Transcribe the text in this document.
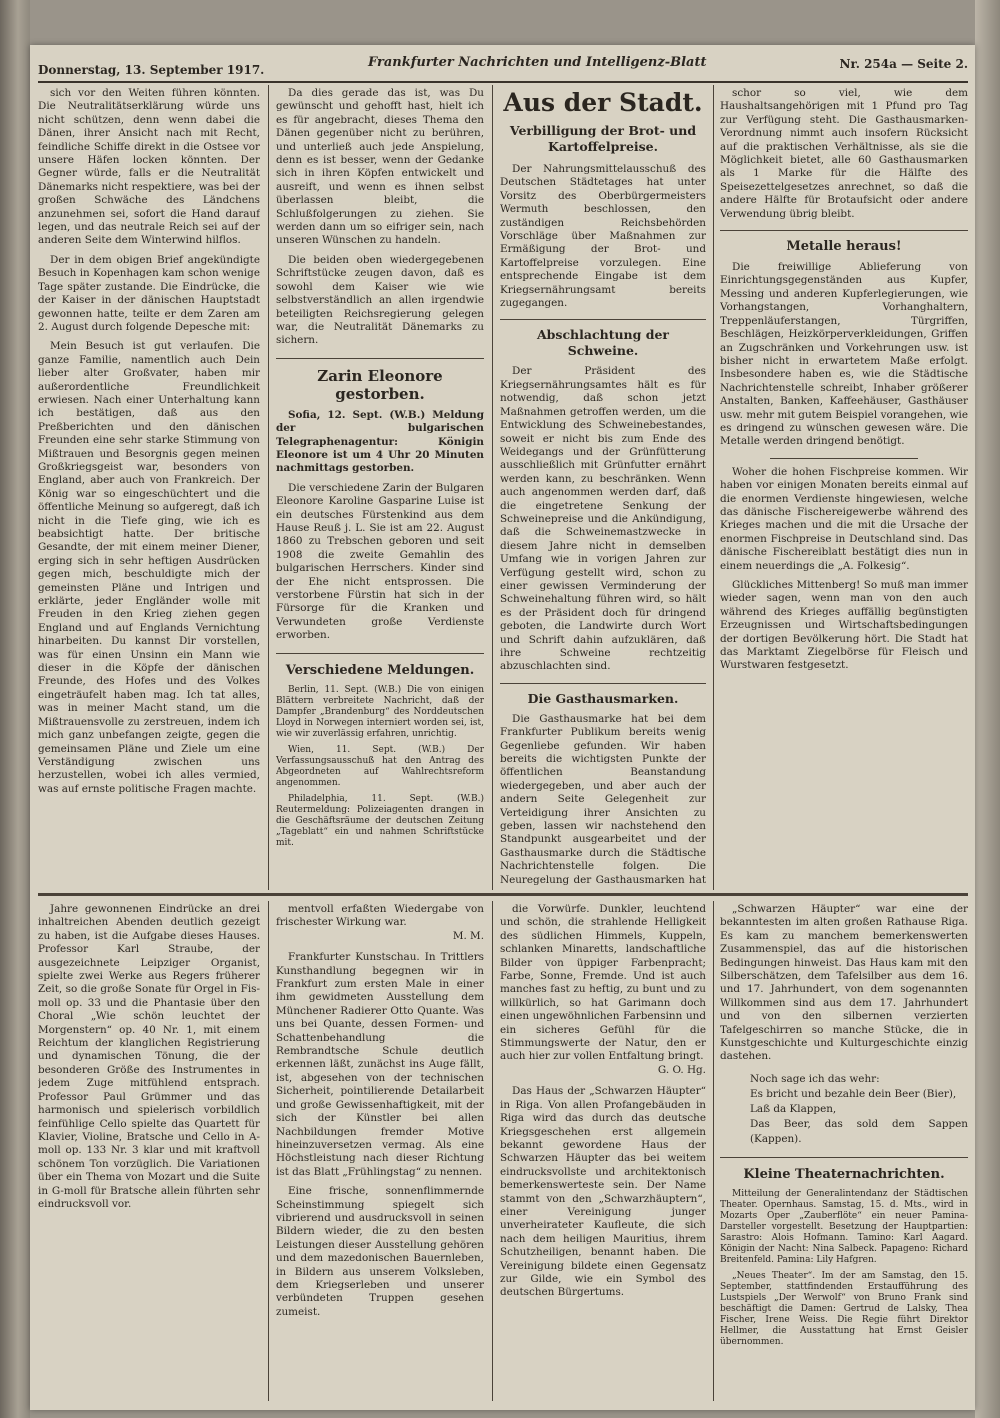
Donnerstag, 13. September 1917.	Frankfurter Nachrichten und Intelligenz-Blatt	Nr. 254a — Seite 2.

sich vor den Weiten führen könnten. Die Neutralitätserklärung würde uns nicht schützen, denn wenn dabei die Dänen, ihrer Ansicht nach mit Recht, feindliche Schiffe direkt in die Ostsee vor unsere Häfen locken könnten. Der Gegner würde, falls er die Neutralität Dänemarks nicht respektiere, was bei der großen Schwäche des Ländchens anzunehmen sei, sofort die Hand darauf legen, und das neutrale Reich sei auf der anderen Seite dem Winterwind hilflos.

Der in dem obigen Brief angekündigte Besuch in Kopenhagen kam schon wenige Tage später zustande. Die Eindrücke, die der Kaiser in der dänischen Hauptstadt gewonnen hatte, teilte er dem Zaren am 2. August durch folgende Depesche mit:

Mein Besuch ist gut verlaufen. Die ganze Familie, namentlich auch Dein lieber alter Großvater, haben mir außerordentliche Freundlichkeit erwiesen. Nach einer Unterhaltung kann ich bestätigen, daß aus den Preßberichten und den dänischen Freunden eine sehr starke Stimmung von Mißtrauen und Besorgnis gegen meinen Großkriegsgeist war, besonders von England, aber auch von Frankreich. Der König war so eingeschüchtert und die öffentliche Meinung so aufgeregt, daß ich nicht in die Tiefe ging, wie ich es beabsichtigt hatte. Der britische Gesandte, der mit einem meiner Diener, erging sich in sehr heftigen Ausdrücken gegen mich, beschuldigte mich der gemeinsten Pläne und Intrigen und erklärte, jeder Engländer wolle mit Freuden in den Krieg ziehen gegen England und auf Englands Vernichtung hinarbeiten. Du kannst Dir vorstellen, was für einen Unsinn ein Mann wie dieser in die Köpfe der dänischen Freunde, des Hofes und des Volkes eingeträufelt haben mag. Ich tat alles, was in meiner Macht stand, um die Mißtrauensvolle zu zerstreuen, indem ich mich ganz unbefangen zeigte, gegen die gemeinsamen Pläne und Ziele um eine Verständigung zwischen uns herzustellen, wobei ich alles vermied, was auf ernste politische Fragen machte.

Da dies gerade das ist, was Du gewünscht und gehofft hast, hielt ich es für angebracht, dieses Thema den Dänen gegenüber nicht zu berühren, und unterließ auch jede Anspielung, denn es ist besser, wenn der Gedanke sich in ihren Köpfen entwickelt und ausreift, und wenn es ihnen selbst überlassen bleibt, die Schlußfolgerungen zu ziehen. Sie werden dann um so eifriger sein, nach unseren Wünschen zu handeln.

Die beiden oben wiedergegebenen Schriftstücke zeugen davon, daß es sowohl dem Kaiser wie wie selbstverständlich an allen irgendwie beteiligten Reichsregierung gelegen war, die Neutralität Dänemarks zu sichern.

Zarin Eleonore gestorben.

Sofia, 12. Sept. (W.B.) Meldung der bulgarischen Telegraphenagentur: Königin Eleonore ist um 4 Uhr 20 Minuten nachmittags gestorben.

Die verschiedene Zarin der Bulgaren Eleonore Karoline Gasparine Luise ist ein deutsches Fürstenkind aus dem Hause Reuß j. L. Sie ist am 22. August 1860 zu Trebschen geboren und seit 1908 die zweite Gemahlin des bulgarischen Herrschers. Kinder sind der Ehe nicht entsprossen. Die verstorbene Fürstin hat sich in der Fürsorge für die Kranken und Verwundeten große Verdienste erworben.

Verschiedene Meldungen.

Berlin, 11. Sept. (W.B.) Die von einigen Blättern verbreitete Nachricht, daß der Dampfer „Brandenburg“ des Norddeutschen Lloyd in Norwegen interniert worden sei, ist, wie wir zuverlässig erfahren, unrichtig.

Wien, 11. Sept. (W.B.) Der Verfassungsausschuß hat den Antrag des Abgeordneten auf Wahlrechtsreform angenommen.

Philadelphia, 11. Sept. (W.B.) Reutermeldung: Polizeiagenten drangen in die Geschäftsräume der deutschen Zeitung „Tageblatt“ ein und nahmen Schriftstücke mit.

Aus der Stadt.
Verbilligung der Brot- und Kartoffelpreise.

Der Nahrungsmittelausschuß des Deutschen Städtetages hat unter Vorsitz des Oberbürgermeisters Wermuth beschlossen, den zuständigen Reichsbehörden Vorschläge über Maßnahmen zur Ermäßigung der Brot- und Kartoffelpreise vorzulegen. Eine entsprechende Eingabe ist dem Kriegsernährungsamt bereits zugegangen.

Abschlachtung der Schweine.

Der Präsident des Kriegsernährungsamtes hält es für notwendig, daß schon jetzt Maßnahmen getroffen werden, um die Entwicklung des Schweinebestandes, soweit er nicht bis zum Ende des Weidegangs und der Grünfütterung ausschließlich mit Grünfutter ernährt werden kann, zu beschränken. Wenn auch angenommen werden darf, daß die eingetretene Senkung der Schweinepreise und die Ankündigung, daß die Schweinemastzwecke in diesem Jahre nicht in demselben Umfang wie in vorigen Jahren zur Verfügung gestellt wird, schon zu einer gewissen Verminderung der Schweinehaltung führen wird, so hält es der Präsident doch für dringend geboten, die Landwirte durch Wort und Schrift dahin aufzuklären, daß ihre Schweine rechtzeitig abzuschlachten sind.

Die Gasthausmarken.

Die Gasthausmarke hat bei dem Frankfurter Publikum bereits wenig Gegenliebe gefunden. Wir haben bereits die wichtigsten Punkte der öffentlichen Beanstandung wiedergegeben, und aber auch der andern Seite Gelegenheit zur Verteidigung ihrer Ansichten zu geben, lassen wir nachstehend den Standpunkt ausgearbeitet und der Gasthausmarke durch die Städtische Nachrichtenstelle folgen. Die Neuregelung der Gasthausmarken hat

schor so viel, wie dem Haushaltsangehörigen mit 1 Pfund pro Tag zur Verfügung steht. Die Gasthausmarken-Verordnung nimmt auch insofern Rücksicht auf die praktischen Verhältnisse, als sie die Möglichkeit bietet, alle 60 Gasthausmarken als 1 Marke für die Hälfte des Speisezettelgesetzes anrechnet, so daß die andere Hälfte für Brotaufsicht oder andere Verwendung übrig bleibt.

Metalle heraus!

Die freiwillige Ablieferung von Einrichtungsgegenständen aus Kupfer, Messing und anderen Kupferlegierungen, wie Vorhangstangen, Vorhanghaltern, Treppenläuferstangen, Türgriffen, Beschlägen, Heizkörperverkleidungen, Griffen an Zugschränken und Vorkehrungen usw. ist bisher nicht in erwartetem Maße erfolgt. Insbesondere haben es, wie die Städtische Nachrichtenstelle schreibt, Inhaber größerer Anstalten, Banken, Kaffeehäuser, Gasthäuser usw. mehr mit gutem Beispiel vorangehen, wie es dringend zu wünschen gewesen wäre. Die Metalle werden dringend benötigt.

Woher die hohen Fischpreise kommen. Wir haben vor einigen Monaten bereits einmal auf die enormen Verdienste hingewiesen, welche das dänische Fischereigewerbe während des Krieges machen und die mit die Ursache der enormen Fischpreise in Deutschland sind. Das dänische Fischereiblatt bestätigt dies nun in einem neuerdings die „A. Folkesig“.

Glückliches Mittenberg! So muß man immer wieder sagen, wenn man von den auch während des Krieges auffällig begünstigten Erzeugnissen und Wirtschaftsbedingungen der dortigen Bevölkerung hört. Die Stadt hat das Marktamt Ziegelbörse für Fleisch und Wurstwaren festgesetzt.

Jahre gewonnenen Eindrücke an drei inhaltreichen Abenden deutlich gezeigt zu haben, ist die Aufgabe dieses Hauses. Professor Karl Straube, der ausgezeichnete Leipziger Organist, spielte zwei Werke aus Regers früherer Zeit, so die große Sonate für Orgel in Fis-moll op. 33 und die Phantasie über den Choral „Wie schön leuchtet der Morgenstern“ op. 40 Nr. 1, mit einem Reichtum der klanglichen Registrierung und dynamischen Tönung, die der besonderen Größe des Instrumentes in jedem Zuge mitfühlend entsprach. Professor Paul Grümmer und das harmonisch und spielerisch vorbildlich feinfühlige Cello spielte das Quartett für Klavier, Violine, Bratsche und Cello in A-moll op. 133 Nr. 3 klar und mit kraftvoll schönem Ton vorzüglich. Die Variationen über ein Thema von Mozart und die Suite in G-moll für Bratsche allein führten sehr eindrucksvoll vor.

mentvoll erfaßten Wiedergabe von frischester Wirkung war.

M. M.

Frankfurter Kunstschau. In Trittlers Kunsthandlung begegnen wir in Frankfurt zum ersten Male in einer ihm gewidmeten Ausstellung dem Münchener Radierer Otto Quante. Was uns bei Quante, dessen Formen- und Schattenbehandlung die Rembrandtsche Schule deutlich erkennen läßt, zunächst ins Auge fällt, ist, abgesehen von der technischen Sicherheit, pointilierende Detailarbeit und große Gewissenhaftigkeit, mit der sich der Künstler bei allen Nachbildungen fremder Motive hineinzuversetzen vermag. Als eine Höchstleistung nach dieser Richtung ist das Blatt „Frühlingstag“ zu nennen.

Eine frische, sonnenflimmernde Scheinstimmung spiegelt sich vibrierend und ausdrucksvoll in seinen Bildern wieder, die zu den besten Leistungen dieser Ausstellung gehören und dem mazedonischen Bauernleben, in Bildern aus unserem Volksleben, dem Kriegserleben und unserer verbündeten Truppen gesehen zumeist.

die Vorwürfe. Dunkler, leuchtend und schön, die strahlende Helligkeit des südlichen Himmels, Kuppeln, schlanken Minaretts, landschaftliche Bilder von üppiger Farbenpracht; Farbe, Sonne, Fremde. Und ist auch manches fast zu heftig, zu bunt und zu willkürlich, so hat Garimann doch einen ungewöhnlichen Farbensinn und ein sicheres Gefühl für die Stimmungswerte der Natur, den er auch hier zur vollen Entfaltung bringt.

G. O. Hg.

Das Haus der „Schwarzen Häupter“ in Riga. Von allen Profangebäuden in Riga wird das durch das deutsche Kriegsgeschehen erst allgemein bekannt gewordene Haus der Schwarzen Häupter das bei weitem eindrucksvollste und architektonisch bemerkenswerteste sein. Der Name stammt von den „Schwarzhäuptern“, einer Vereinigung junger unverheirateter Kaufleute, die sich nach dem heiligen Mauritius, ihrem Schutzheiligen, benannt haben. Die Vereinigung bildete einen Gegensatz zur Gilde, wie ein Symbol des deutschen Bürgertums.

„Schwarzen Häupter“ war eine der bekanntesten im alten großen Rathause Riga. Es kam zu manchem bemerkenswerten Zusammenspiel, das auf die historischen Bedingungen hinweist. Das Haus kam mit den Silberschätzen, dem Tafelsilber aus dem 16. und 17. Jahrhundert, von dem sogenannten Willkommen sind aus dem 17. Jahrhundert und von den silbernen verzierten Tafelgeschirren so manche Stücke, die in Kunstgeschichte und Kulturgeschichte einzig dastehen.

Noch sage ich das wehr:
Es bricht und bezahle dein Beer (Bier),
Laß da Klappen,
Das Beer, das sold dem Sappen (Kappen).
Kleine Theaternachrichten.

Mitteilung der Generalintendanz der Städtischen Theater. Opernhaus. Samstag, 15. d. Mts., wird in Mozarts Oper „Zauberflöte“ ein neuer Pamina-Darsteller vorgestellt. Besetzung der Hauptpartien: Sarastro: Alois Hofmann. Tamino: Karl Aagard. Königin der Nacht: Nina Salbeck. Papageno: Richard Breitenfeld. Pamina: Lily Hafgren.

„Neues Theater“. Im der am Samstag, den 15. September, stattfindenden Erstaufführung des Lustspiels „Der Werwolf“ von Bruno Frank sind beschäftigt die Damen: Gertrud de Lalsky, Thea Fischer, Irene Weiss. Die Regie führt Direktor Hellmer, die Ausstattung hat Ernst Geisler übernommen.
